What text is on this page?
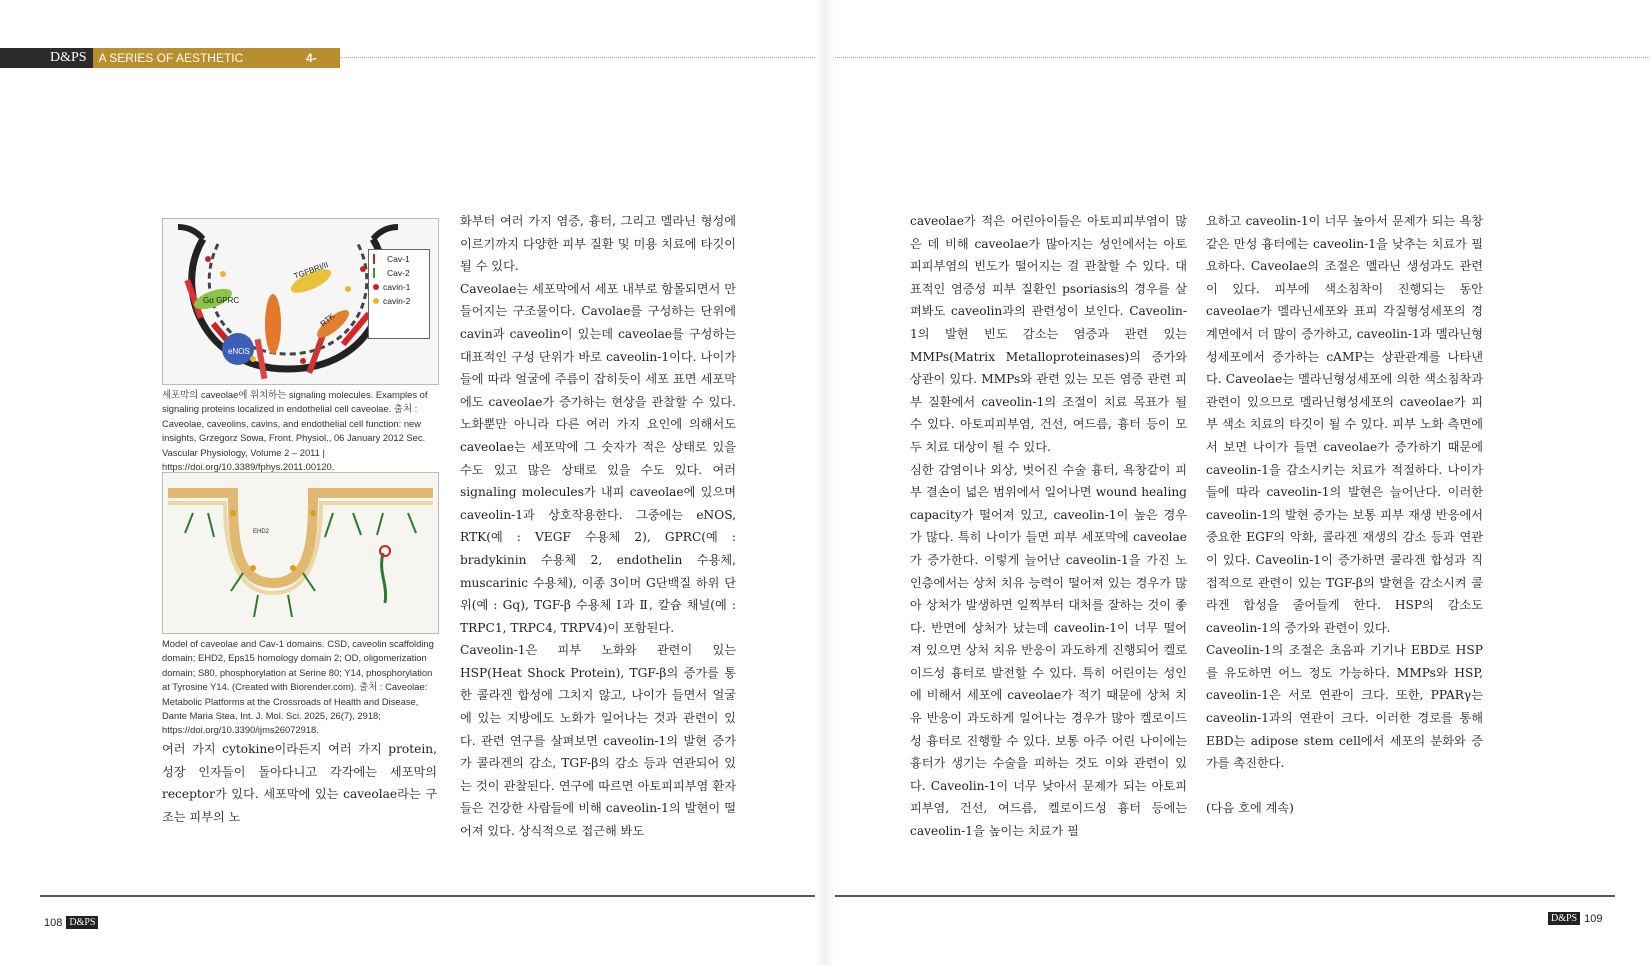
D&PS	A SERIES OF AESTHETIC TREATMENT
4-100
Gα GPRC
TGFBRI/II
RTK
eNOS
Cav-1
Cav-2
cavin-1
cavin-2
세포막의 caveolae에 위치하는 signaling molecules. Examples of signaling proteins localized in endothelial cell caveolae. 출처 : Caveolae, caveolins, cavins, and endothelial cell function: new insights, Grzegorz Sowa, Front. Physiol., 06 January 2012 Sec. Vascular Physiology, Volume 2 – 2011 | https://doi.org/10.3389/fphys.2011.00120.
EHD2
Model of caveolae and Cav-1 domains. CSD, caveolin scaffolding domain; EHD2, Eps15 homology domain 2; OD, oligomerization domain; S80, phosphorylation at Serine 80; Y14, phosphorylation at Tyrosine Y14. (Created with Biorender.com). 출처 : Caveolae: Metabolic Platforms at the Crossroads of Health and Disease, Dante Maria Stea, Int. J. Mol. Sci. 2025, 26(7), 2918; https://doi.org/10.3390/ijms26072918.

여러 가지 cytokine이라든지 여러 가지 protein, 성장 인자들이 돌아다니고 각각에는 세포막의 receptor가 있다. 세포막에 있는 caveolae라는 구조는 피부의 노

화부터 여러 가지 염증, 흉터, 그리고 멜라닌 형성에 이르기까지 다양한 피부 질환 및 미용 치료에 타깃이 될 수 있다.

Caveolae는 세포막에서 세포 내부로 함몰되면서 만들어지는 구조물이다. Cavolae를 구성하는 단위에 cavin과 caveolin이 있는데 caveolae를 구성하는 대표적인 구성 단위가 바로 caveolin-1이다. 나이가 들에 따라 얼굴에 주름이 잡히듯이 세포 표면 세포막에도 caveolae가 증가하는 현상을 관찰할 수 있다. 노화뿐만 아니라 다른 여러 가지 요인에 의해서도 caveolae는 세포막에 그 숫자가 적은 상태로 있을 수도 있고 많은 상태로 있을 수도 있다. 여러 signaling molecules가 내피 caveolae에 있으며 caveolin-1과 상호작용한다. 그중에는 eNOS, RTK(예 : VEGF 수용체 2), GPRC(예 : bradykinin 수용체 2, endothelin 수용체, muscarinic 수용체), 이종 3이머 G단백질 하위 단위(예 : Gq), TGF-β 수용체 Ⅰ과 Ⅱ, 칼슘 채널(예 : TRPC1, TRPC4, TRPV4)이 포함된다.

Caveolin-1은 피부 노화와 관련이 있는 HSP(Heat Shock Protein), TGF-β의 증가를 통한 콜라겐 합성에 그치지 않고, 나이가 들면서 얼굴에 있는 지방에도 노화가 일어나는 것과 관련이 있다. 관련 연구를 살펴보면 caveolin-1의 발현 증가가 콜라겐의 감소, TGF-β의 감소 등과 연관되어 있는 것이 관찰된다. 연구에 따르면 아토피피부염 환자들은 건강한 사람들에 비해 caveolin-1의 발현이 떨어져 있다. 상식적으로 접근해 봐도

caveolae가 적은 어린아이들은 아토피피부염이 많은 데 비해 caveolae가 많아지는 성인에서는 아토피피부염의 빈도가 떨어지는 걸 관찰할 수 있다. 대표적인 염증성 피부 질환인 psoriasis의 경우를 살펴봐도 caveolin과의 관련성이 보인다. Caveolin-1의 발현 빈도 감소는 염증과 관련 있는 MMPs(Matrix Metalloproteinases)의 증가와 상관이 있다. MMPs와 관련 있는 모든 염증 관련 피부 질환에서 caveolin-1의 조절이 치료 목표가 될 수 있다. 아토피피부염, 건선, 여드름, 흉터 등이 모두 치료 대상이 될 수 있다.

심한 감염이나 외상, 벗어진 수술 흉터, 욕창같이 피부 결손이 넓은 범위에서 일어나면 wound healing capacity가 떨어져 있고, caveolin-1이 높은 경우가 많다. 특히 나이가 들면 피부 세포막에 caveolae가 증가한다. 이렇게 늘어난 caveolin-1을 가진 노인층에서는 상처 치유 능력이 떨어져 있는 경우가 많아 상처가 발생하면 일찍부터 대처를 잘하는 것이 좋다. 반면에 상처가 났는데 caveolin-1이 너무 떨어져 있으면 상처 치유 반응이 과도하게 진행되어 켈로이드성 흉터로 발전할 수 있다. 특히 어린이는 성인에 비해서 세포에 caveolae가 적기 때문에 상처 치유 반응이 과도하게 일어나는 경우가 많아 켈로이드성 흉터로 진행할 수 있다. 보통 아주 어린 나이에는 흉터가 생기는 수술을 피하는 것도 이와 관련이 있다. Caveolin-1이 너무 낮아서 문제가 되는 아토피피부염, 건선, 여드름, 켈로이드성 흉터 등에는 caveolin-1을 높이는 치료가 필

요하고 caveolin-1이 너무 높아서 문제가 되는 욕창 같은 만성 흉터에는 caveolin-1을 낮추는 치료가 필요하다. Caveolae의 조절은 멜라닌 생성과도 관련이 있다. 피부에 색소침착이 진행되는 동안 caveolae가 멜라닌세포와 표피 각질형성세포의 경계면에서 더 많이 증가하고, caveolin-1과 멜라닌형성세포에서 증가하는 cAMP는 상관관계를 나타낸다. Caveolae는 멜라닌형성세포에 의한 색소침착과 관련이 있으므로 멜라닌형성세포의 caveolae가 피부 색소 치료의 타깃이 될 수 있다. 피부 노화 측면에서 보면 나이가 들면 caveolae가 증가하기 때문에 caveolin-1을 감소시키는 치료가 적절하다. 나이가 들에 따라 caveolin-1의 발현은 늘어난다. 이러한 caveolin-1의 발현 증가는 보통 피부 재생 반응에서 중요한 EGF의 악화, 콜라겐 재생의 감소 등과 연관이 있다. Caveolin-1이 증가하면 콜라겐 합성과 직접적으로 관련이 있는 TGF-β의 발현을 감소시켜 콜라겐 합성을 줄어들게 한다. HSP의 감소도 caveolin-1의 증가와 관련이 있다.

Caveolin-1의 조절은 초음파 기기나 EBD로 HSP를 유도하면 어느 정도 가능하다. MMPs와 HSP, caveolin-1은 서로 연관이 크다. 또한, PPARγ는 caveolin-1과의 연관이 크다. 이러한 경로를 통해 EBD는 adipose stem cell에서 세포의 분화와 증가를 촉진한다.

(다음 호에 계속)

108 D&PS	D&PS 109
